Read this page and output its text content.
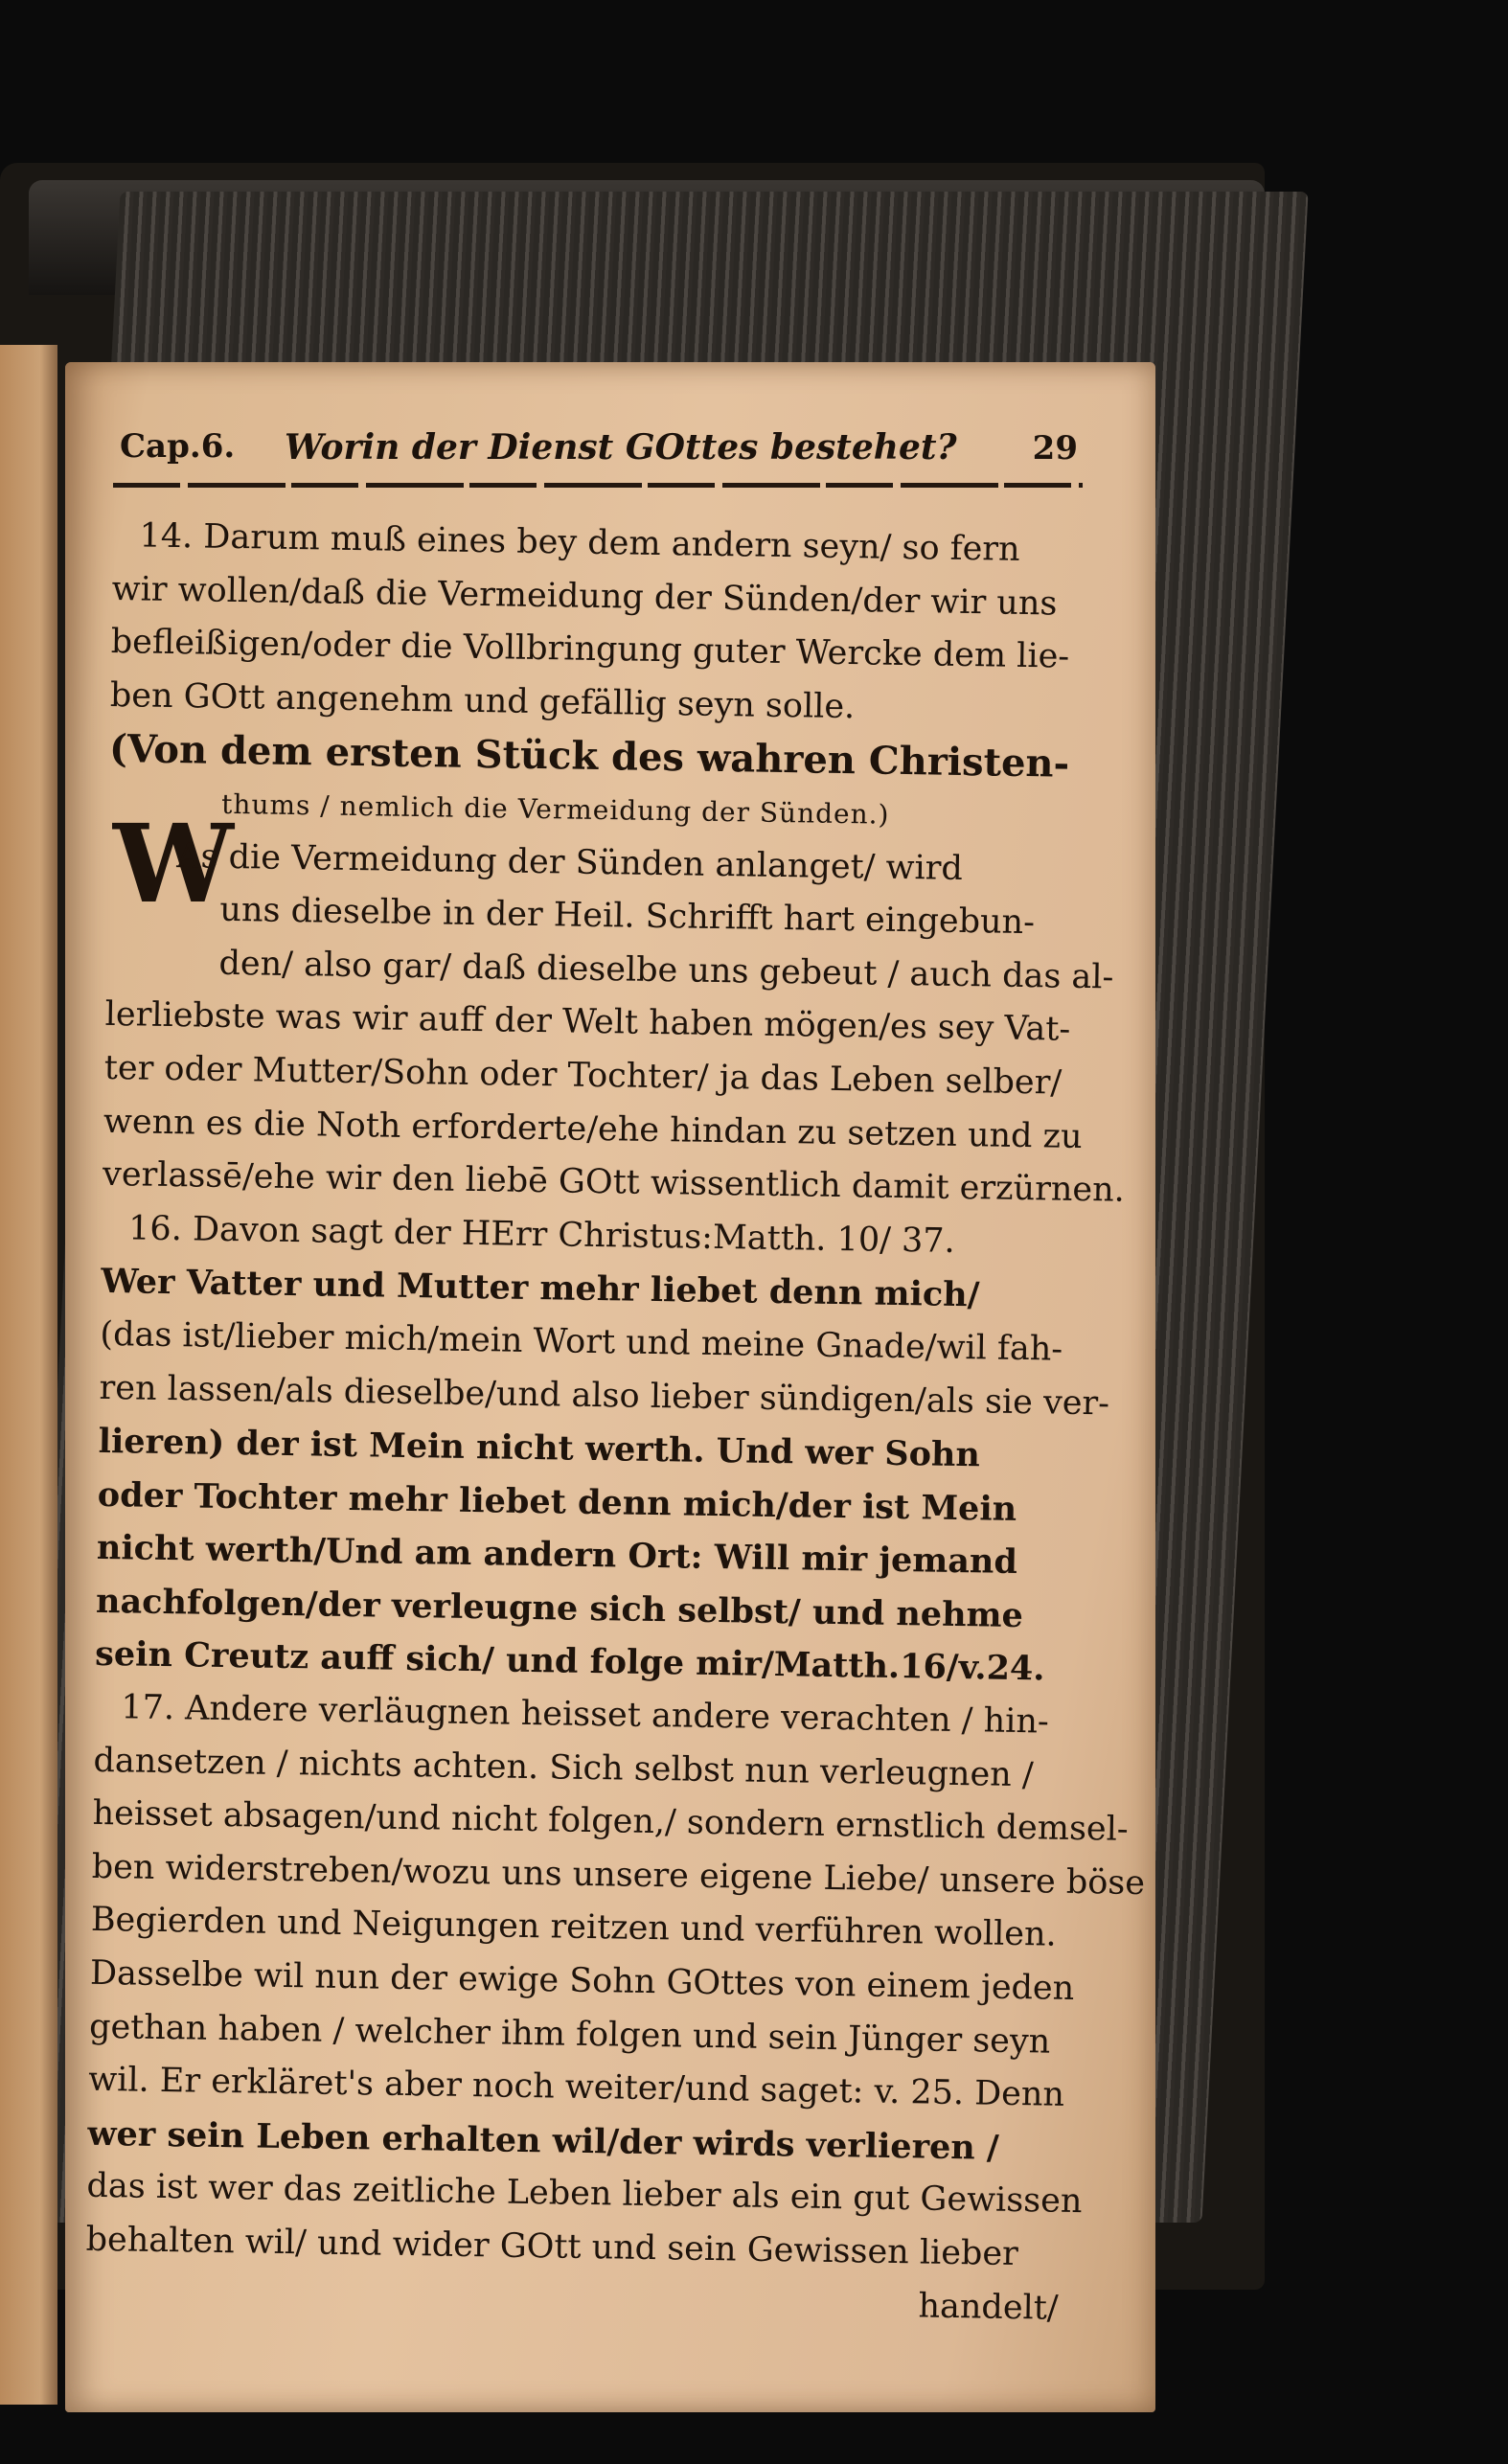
Cap.6. Worin der Dienst GOttes bestehet? 29
W
14. Darum muß eines bey dem andern seyn/ so fern
wir wollen/daß die Vermeidung der Sünden/der wir uns
befleißigen/oder die Vollbringung guter Wercke dem lie-
ben GOtt angenehm und gefällig seyn solle.
(Von dem ersten Stück des wahren Christen-
thums / nemlich die Vermeidung der Sünden.)
As die Vermeidung der Sünden anlanget/ wird
uns dieselbe in der Heil. Schrifft hart eingebun-
den/ also gar/ daß dieselbe uns gebeut / auch das al-
lerliebste was wir auff der Welt haben mögen/es sey Vat-
ter oder Mutter/Sohn oder Tochter/ ja das Leben selber/
wenn es die Noth erforderte/ehe hindan zu setzen und zu
verlassē/ehe wir den liebē GOtt wissentlich damit erzürnen.
16. Davon sagt der HErr Christus:Matth. 10/ 37.
Wer Vatter und Mutter mehr liebet denn mich/
(das ist/lieber mich/mein Wort und meine Gnade/wil fah-
ren lassen/als dieselbe/und also lieber sündigen/als sie ver-
lieren) der ist Mein nicht werth. Und wer Sohn
oder Tochter mehr liebet denn mich/der ist Mein
nicht werth/Und am andern Ort: Will mir jemand
nachfolgen/der verleugne sich selbst/ und nehme
sein Creutz auff sich/ und folge mir/Matth.16/v.24.
17. Andere verläugnen heisset andere verachten / hin-
dansetzen / nichts achten. Sich selbst nun verleugnen /
heisset absagen/und nicht folgen,/ sondern ernstlich demsel-
ben widerstreben/wozu uns unsere eigene Liebe/ unsere böse
Begierden und Neigungen reitzen und verführen wollen.
Dasselbe wil nun der ewige Sohn GOttes von einem jeden
gethan haben / welcher ihm folgen und sein Jünger seyn
wil. Er erkläret's aber noch weiter/und saget: v. 25. Denn
wer sein Leben erhalten wil/der wirds verlieren /
das ist wer das zeitliche Leben lieber als ein gut Gewissen
behalten wil/ und wider GOtt und sein Gewissen lieber
handelt/
